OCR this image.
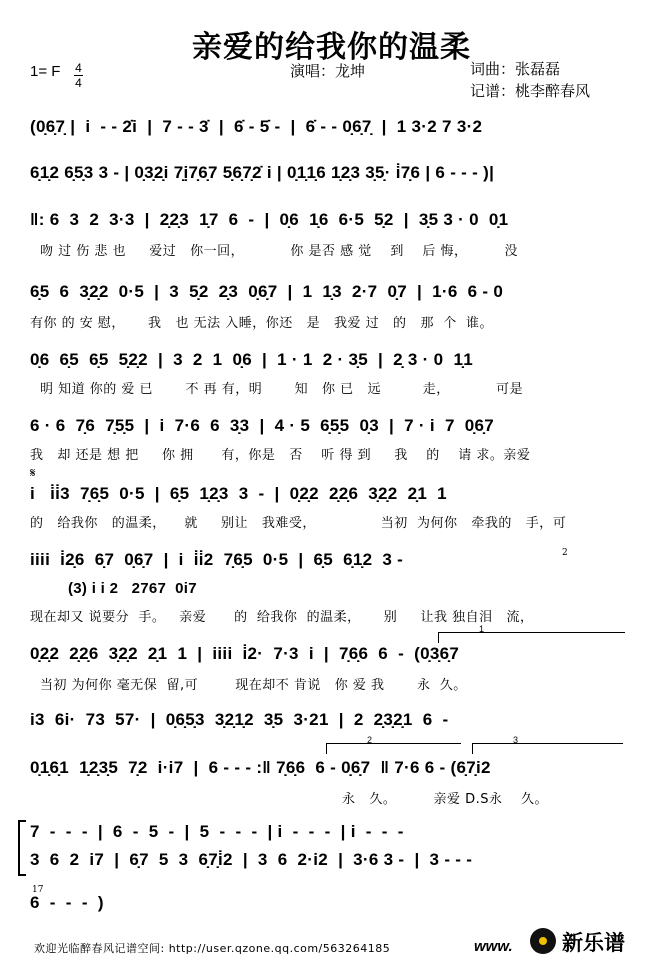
亲爱的给我你的温柔
1= F 4
4
演唱：龙坤	词曲：张磊磊
记谱：桃李醉春风
(0̣6̣7̣ |  i  - - 2̇i  |  7 - - 3̇  |  6̇ - 5̇ -  |  6̇ - - 0̣6̣7̣  |  1 3·2 7 3·2
6̣1̣2 6̣5̣3 3 - | 0̣3̣2̣i 7̣ị7̣6̣7 5̣6̣7̣2̇ i | 0̣1̣1̣6 1̣2̣3 3̣5̣· i̇7̣6 | 6 - - - )|
‖: 6  3  2  3·3  |  2̣2̣3  1̣7  6  -  |  0̣6  1̣6  6·5  5̣2  |  3̣5 3 · 0  0̣1
吻 过 伤 悲 也     爱过   你一回，          你 是否 感 觉    到    后 悔，        没
6̣5  6  3̣2̣2  0·5  |  3  5̣2  2̣3  0̣6̣7  |  1  1̣3  2·7  0̣7  |  1·6  6 - 0
有你 的 安 慰，     我   也 无法 入睡，你还   是   我爱 过   的   那  个  谁。
0̣6  6̣5  6̣5  5̣2̣2  |  3  2  1  0̣6  |  1 · 1  2 · 3̣5  |  2̣ 3 · 0  1̣1
明 知道 你的 爱 已       不 再 有，明       知   你 已   远         走，          可是
6 · 6  7̣6  7̣5̣5  |  i  7·6  6  3̣3  |  4 · 5  6̣5̣5  0̣3  |  7 · i  7  0̣6̣7
我   却 还是 想 把     你 拥      有，你是   否    听 得 到     我    的    请 求。亲爱
𝄋
i   i̇i̇3  7̣6̣5  0·5  |  6̣5  1̣2̣3  3  -  |  0̣2̣2  2̣2̣6  3̣2̣2  2̣1  1
的   给我你   的温柔，    就     别让   我难受，              当初  为何你   牵我的   手，可
iiii  i̇2̣6  6̣7  0̣6̣7  |  i  i̇i̇2  7̣6̣5  0·5  |  6̣5  6̣1̣2  3 -	2
(3) i i 2   2767  0i7
现在却又 说要分  手。   亲爱      的  给我你  的温柔，     别     让我 独自泪   流，
1
0̣2̣2  2̣2̣6  3̣2̣2  2̣1  1  |  iiii  i̇2·  7·3  i  |  7̣6̣6  6  -  (0̣3̣6̣7
当初 为何你 毫无保  留,可        现在却不 肯说   你 爱 我       永  久。
i3  6i·  73  57·  |  0̣6̣5̣3  3̣2̣1̣2  3̣5  3·21  |  2  2̣3̣2̣1  6  -
2	3
0̣1̣6̣1  1̣2̣3̣5  7̣2  i·i7  |  6 - - - :‖ 7̣6̣6  6 - 0̣6̣7  ‖ 7·6 6 - (6̣7̣i2
永   久。        亲爱 D.S永    久。
7  -  -  -  |  6  -  5  -  |  5  -  -  -  | i  -  -  -  | i  -  -  -
3  6  2  i7  |  6̣7  5  3  6̣7̣i̇2  |  3  6  2·i2  |  3·6 3 -  |  3 - - -
17
6  -  -  -  )
欢迎光临醉春风记谱空间: http://user.qzone.qq.com/563264185	www. 新乐谱
